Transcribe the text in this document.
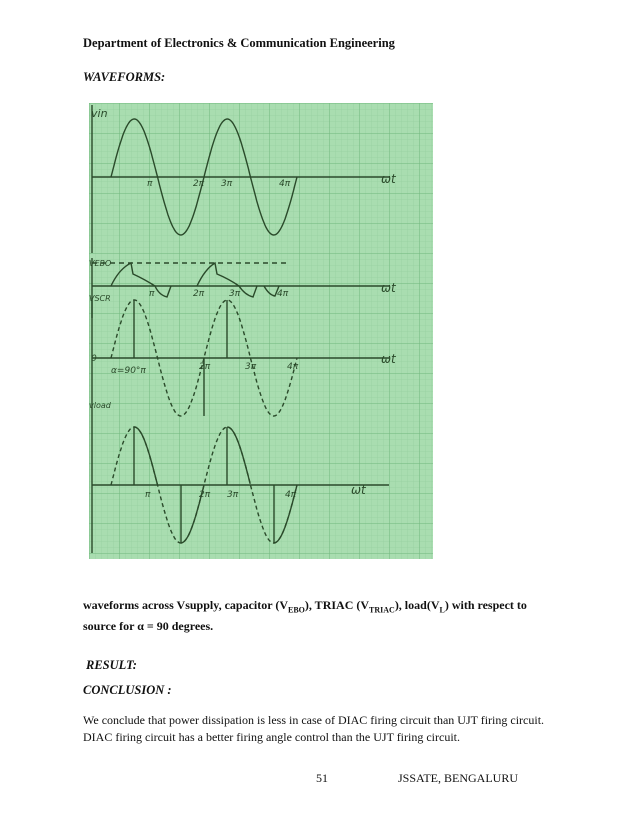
Department of Electronics & Communication Engineering
WAVEFORMS:
vin
ωt
π	2π 3π	4π
VEBO
ωt
π	2π	3π	4π
VSCR
0
α=90°π	2π	3π	4π
ωt
vload
π	2π 3π	4π	ωt
waveforms across Vsupply, capacitor $(V_{EBO})$, TRIAC $(V_{TRIAC})$, $load(V_L)$ with respect to source for α = 90 degrees.
RESULT:
CONCLUSION :
We conclude that power dissipation is less in case of DIAC firing circuit than UJT firing circuit.
DIAC firing circuit has a better firing angle control than the UJT firing circuit.
51	JSSATE, BENGALURU
